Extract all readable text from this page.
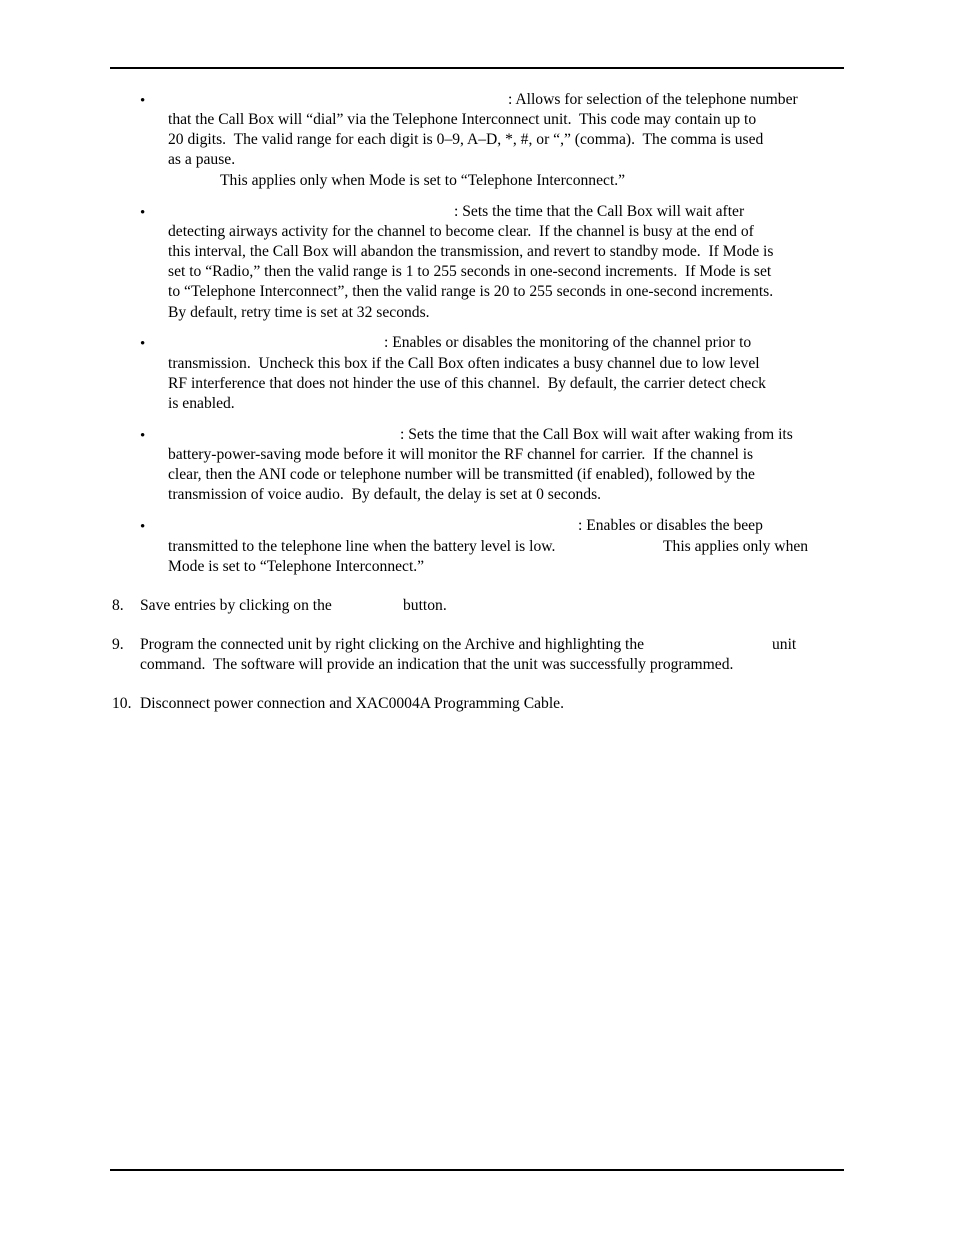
•	: Allows for selection of the telephone number
that the Call Box will “dial” via the Telephone Interconnect unit.  This code may contain up to
20 digits.  The valid range for each digit is 0–9, A–D, *, #, or “,” (comma).  The comma is used
as a pause.
This applies only when Mode is set to “Telephone Interconnect.”
•	: Sets the time that the Call Box will wait after
detecting airways activity for the channel to become clear.  If the channel is busy at the end of
this interval, the Call Box will abandon the transmission, and revert to standby mode.  If Mode is
set to “Radio,” then the valid range is 1 to 255 seconds in one-second increments.  If Mode is set
to “Telephone Interconnect”, then the valid range is 20 to 255 seconds in one-second increments.
By default, retry time is set at 32 seconds.
•	: Enables or disables the monitoring of the channel prior to
transmission.  Uncheck this box if the Call Box often indicates a busy channel due to low level
RF interference that does not hinder the use of this channel.  By default, the carrier detect check
is enabled.
•	: Sets the time that the Call Box will wait after waking from its
battery-power-saving mode before it will monitor the RF channel for carrier.  If the channel is
clear, then the ANI code or telephone number will be transmitted (if enabled), followed by the
transmission of voice audio.  By default, the delay is set at 0 seconds.
•	: Enables or disables the beep
transmitted to the telephone line when the battery level is low.	This applies only when
Mode is set to “Telephone Interconnect.”
8. Save entries by clicking on the	button.
9. Program the connected unit by right clicking on the Archive and highlighting the	unit
command.  The software will provide an indication that the unit was successfully programmed.
10. Disconnect power connection and XAC0004A Programming Cable.
